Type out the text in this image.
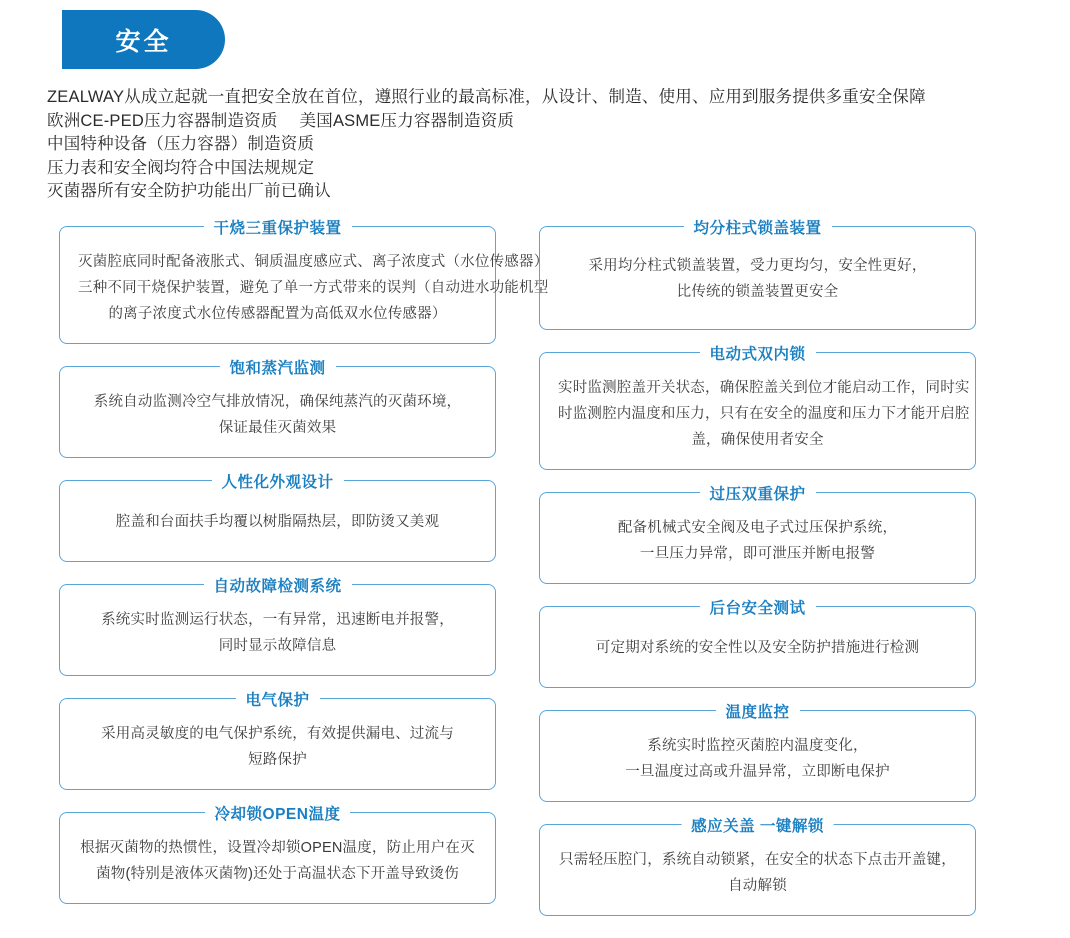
安全

ZEALWAY从成立起就一直把安全放在首位，遵照行业的最高标准，从设计、制造、使用、应用到服务提供多重安全保障

欧洲CE-PED压力容器制造资质 美国ASME压力容器制造资质

中国特种设备（压力容器）制造资质

压力表和安全阀均符合中国法规规定

灭菌器所有安全防护功能出厂前已确认

干烧三重保护装置
灭菌腔底同时配备液胀式、铜质温度感应式、离子浓度式（水位传感器）
三种不同干烧保护装置，避免了单一方式带来的误判（自动进水功能机型
的离子浓度式水位传感器配置为高低双水位传感器）
饱和蒸汽监测
系统自动监测冷空气排放情况，确保纯蒸汽的灭菌环境，
保证最佳灭菌效果
人性化外观设计
腔盖和台面扶手均覆以树脂隔热层，即防烫又美观
自动故障检测系统
系统实时监测运行状态，一有异常，迅速断电并报警，
同时显示故障信息
电气保护
采用高灵敏度的电气保护系统，有效提供漏电、过流与
短路保护
冷却锁OPEN温度
根据灭菌物的热惯性，设置冷却锁OPEN温度，防止用户在灭
菌物(特别是液体灭菌物)还处于高温状态下开盖导致烫伤
均分柱式锁盖装置
采用均分柱式锁盖装置，受力更均匀，安全性更好，
比传统的锁盖装置更安全
电动式双内锁
实时监测腔盖开关状态，确保腔盖关到位才能启动工作，同时实
时监测腔内温度和压力，只有在安全的温度和压力下才能开启腔
盖，确保使用者安全
过压双重保护
配备机械式安全阀及电子式过压保护系统，
一旦压力异常，即可泄压并断电报警
后台安全测试
可定期对系统的安全性以及安全防护措施进行检测
温度监控
系统实时监控灭菌腔内温度变化，
一旦温度过高或升温异常，立即断电保护
感应关盖 一键解锁
只需轻压腔门，系统自动锁紧，在安全的状态下点击开盖键，
自动解锁
